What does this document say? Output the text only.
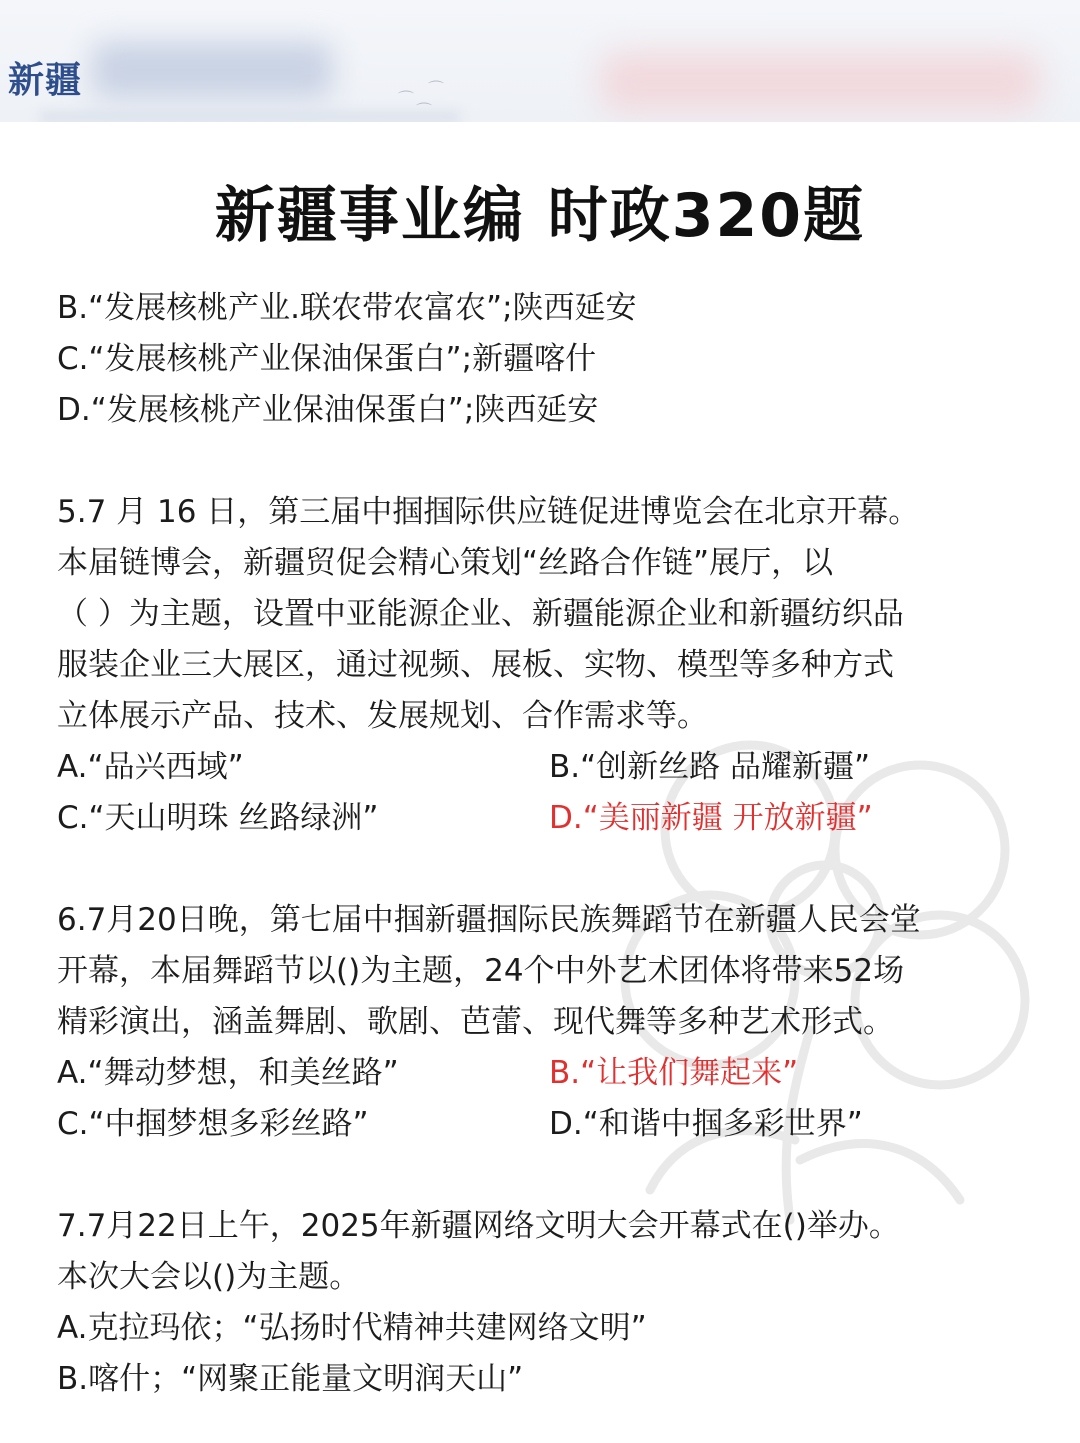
新疆	⌒
⌒
⌒
新疆事业编 时政320题
B.“发展核桃产业.联农带农富农”;陕西延安
C.“发展核桃产业保油保蛋白”;新疆喀什
D.“发展核桃产业保油保蛋白”;陕西延安
5.7 月 16 日，第三届中掴掴际供应链促进博览会在北京开幕。
本届链博会，新疆贸促会精心策划“丝路合作链”展厅，以
（ ）为主题，设置中亚能源企业、新疆能源企业和新疆纺织品
服装企业三大展区，通过视频、展板、实物、模型等多种方式
立体展示产品、技术、发展规划、合作需求等。
A.“品兴西域”	B.“创新丝路 品耀新疆”
C.“天山明珠 丝路绿洲”	D.“美丽新疆 开放新疆”
6.7月20日晚，第七届中掴新疆掴际民族舞蹈节在新疆人民会堂
开幕，本届舞蹈节以()为主题，24个中外艺术团体将带来52场
精彩演出，涵盖舞剧、歌剧、芭蕾、现代舞等多种艺术形式。
A.“舞动梦想，和美丝路”	B.“让我们舞起来”
C.“中掴梦想多彩丝路”	D.“和谐中掴多彩世界”
7.7月22日上午，2025年新疆网络文明大会开幕式在()举办。
本次大会以()为主题。
A.克拉玛依；“弘扬时代精神共建网络文明”
B.喀什；“网聚正能量文明润天山”
